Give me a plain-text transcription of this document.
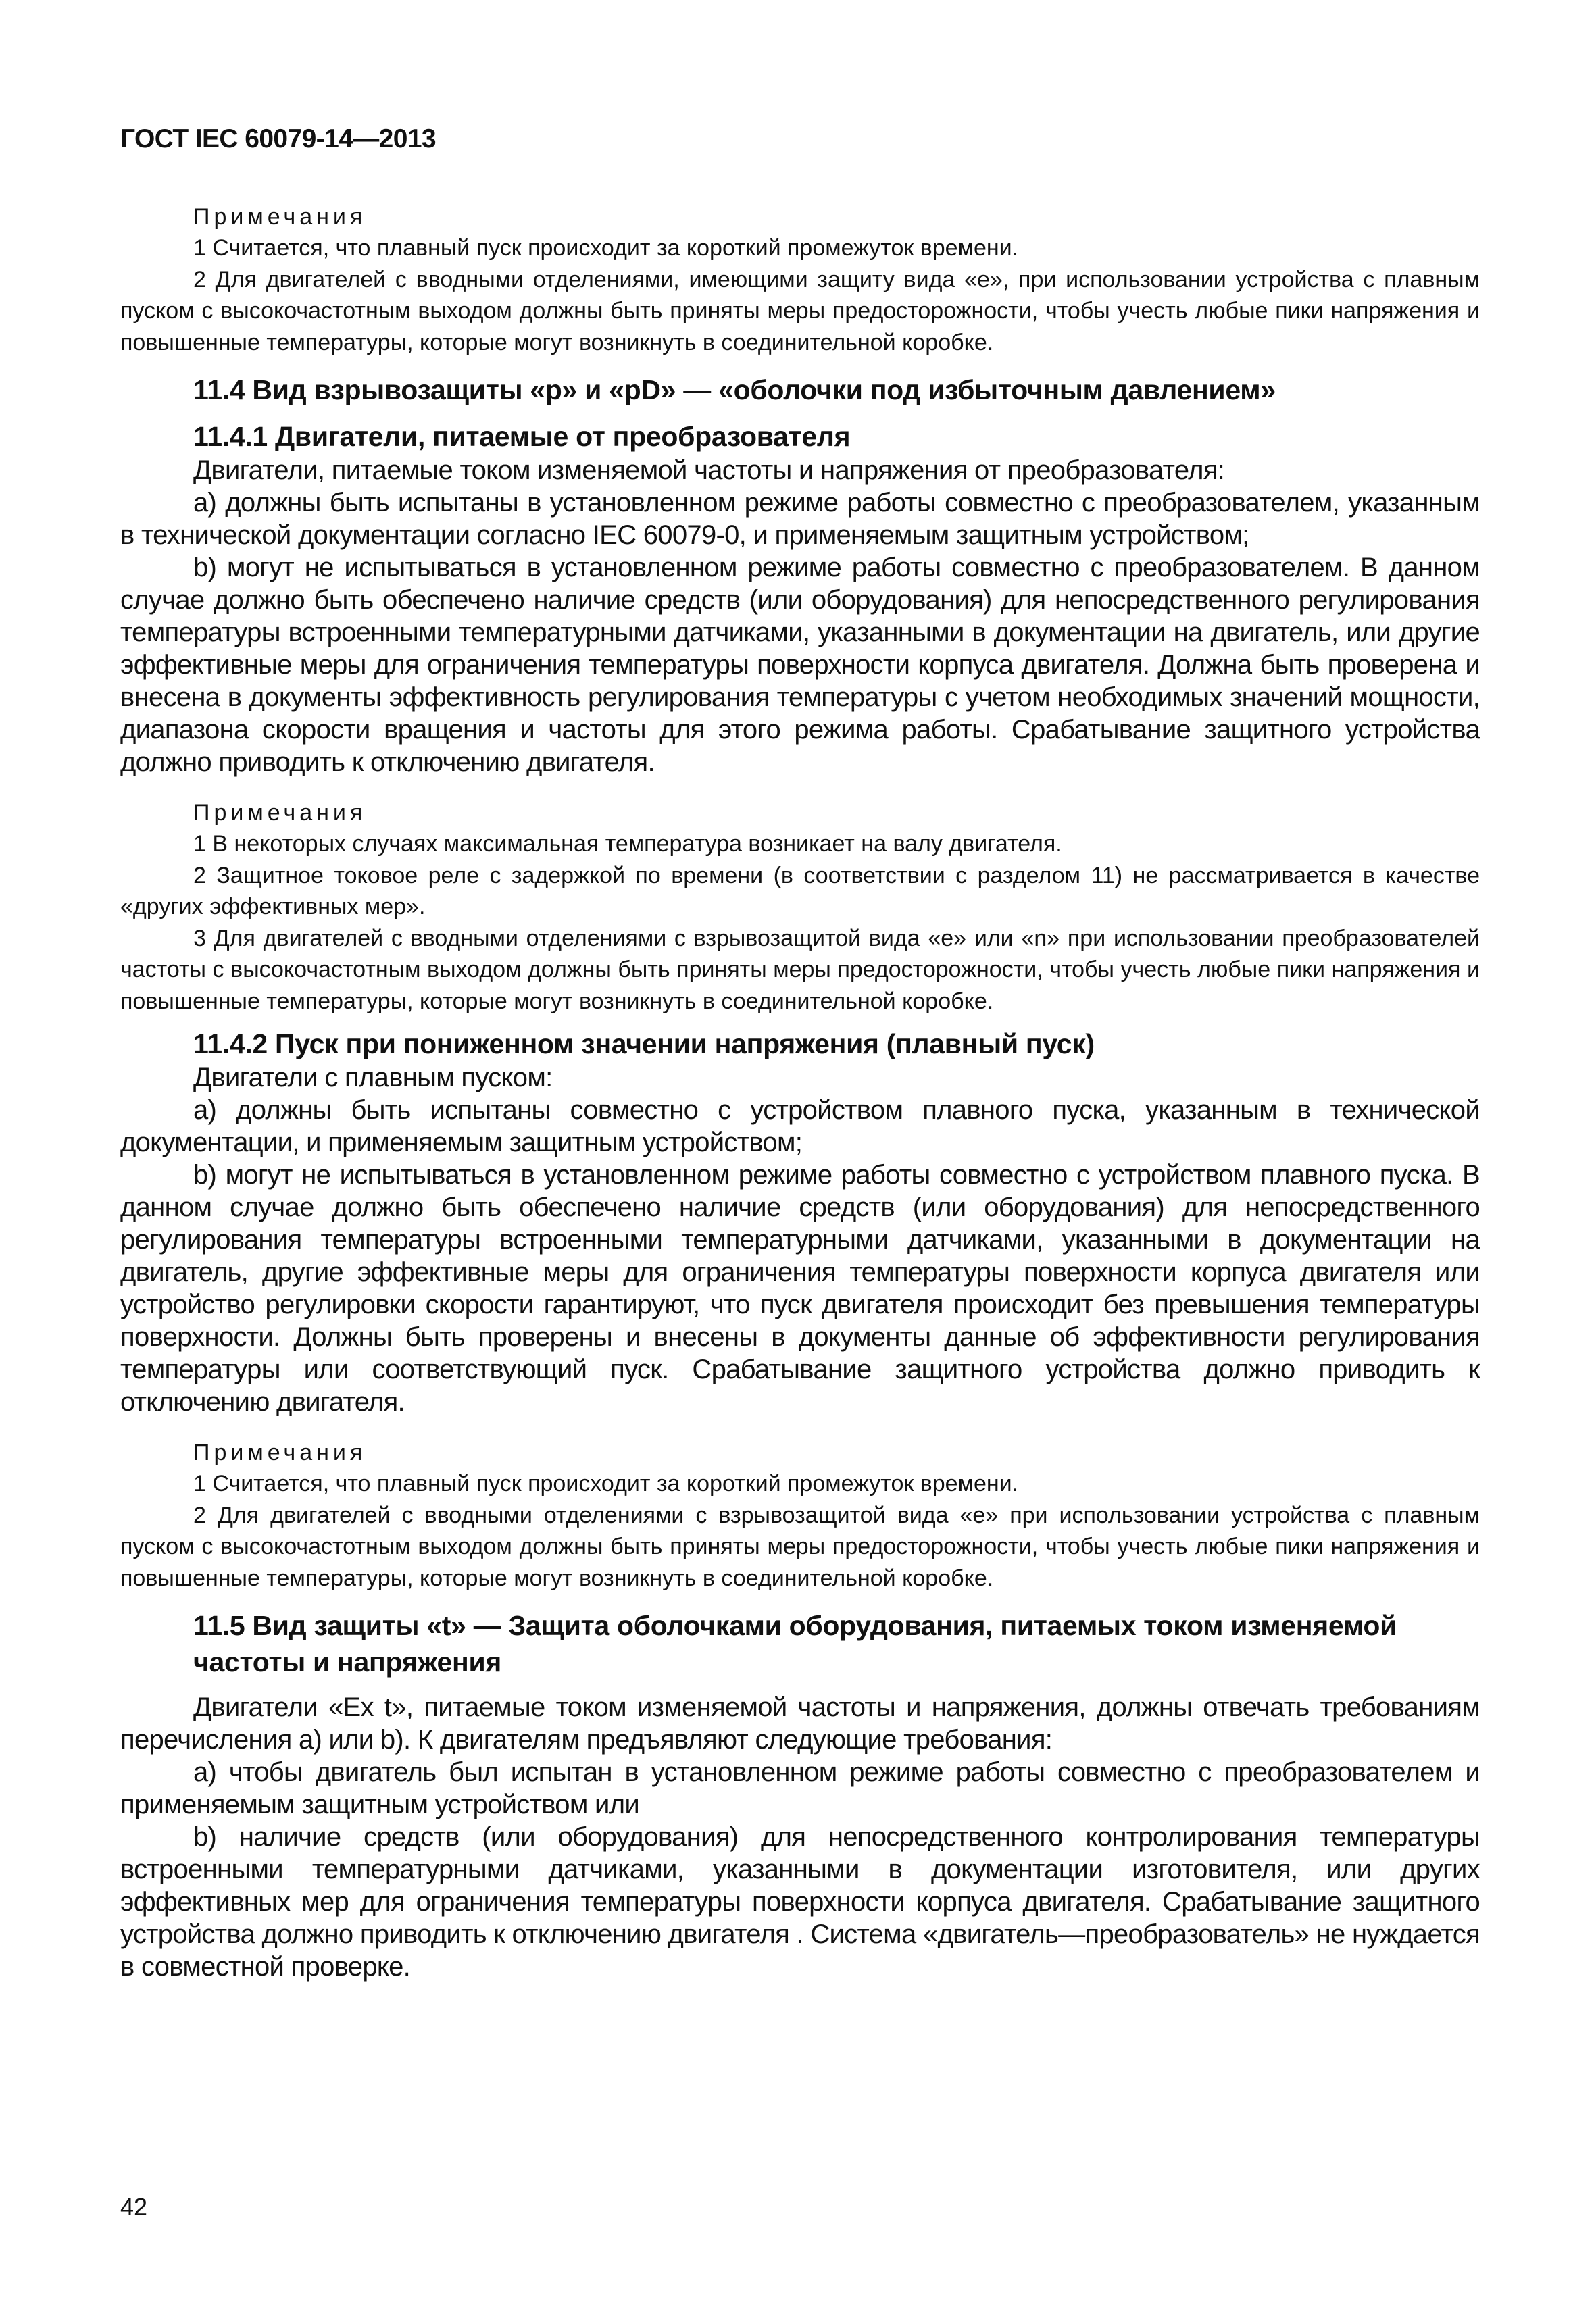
ГОСТ IEC 60079-14—2013
Примечания

1 Считается, что плавный пуск происходит за короткий промежуток времени.

2 Для двигателей с вводными отделениями, имеющими защиту вида «е», при использовании устройства с плавным пуском с высокочастотным выходом должны быть приняты меры предосторожности, чтобы учесть любые пики напряжения и повышенные температуры, которые могут возникнуть в соединительной коробке.

11.4 Вид взрывозащиты «р» и «pD» — «оболочки под избыточным давлением»
11.4.1 Двигатели, питаемые от преобразователя

Двигатели, питаемые током изменяемой частоты и напряжения от преобразователя:

а) должны быть испытаны в установленном режиме работы совместно с преобразователем, указанным в технической документации согласно IEC 60079-0, и применяемым защитным устройством;

b) могут не испытываться в установленном режиме работы совместно с преобразователем. В данном случае должно быть обеспечено наличие средств (или оборудования) для непосредственного регулирования температуры встроенными температурными датчиками, указанными в документации на двигатель, или другие эффективные меры для ограничения температуры поверхности корпуса двигателя. Должна быть проверена и внесена в документы эффективность регулирования температуры с учетом необходимых значений мощности, диапазона скорости вращения и частоты для этого режима работы. Срабатывание защитного устройства должно приводить к отключению двигателя.

Примечания

1 В некоторых случаях максимальная температура возникает на валу двигателя.

2 Защитное токовое реле с задержкой по времени (в соответствии с разделом 11) не рассматривается в качестве «других эффективных мер».

3 Для двигателей с вводными отделениями с взрывозащитой вида «е» или «n» при использовании преобразователей частоты с высокочастотным выходом должны быть приняты меры предосторожности, чтобы учесть любые пики напряжения и повышенные температуры, которые могут возникнуть в соединительной коробке.

11.4.2 Пуск при пониженном значении напряжения (плавный пуск)

Двигатели с плавным пуском:

а) должны быть испытаны совместно с устройством плавного пуска, указанным в технической документации, и применяемым защитным устройством;

b) могут не испытываться в установленном режиме работы совместно с устройством плавного пуска. В данном случае должно быть обеспечено наличие средств (или оборудования) для непосредственного регулирования температуры встроенными температурными датчиками, указанными в документации на двигатель, другие эффективные меры для ограничения температуры поверхности корпуса двигателя или устройство регулировки скорости гарантируют, что пуск двигателя происходит без превышения температуры поверхности. Должны быть проверены и внесены в документы данные об эффективности регулирования температуры или соответствующий пуск. Срабатывание защитного устройства должно приводить к отключению двигателя.

Примечания

1 Считается, что плавный пуск происходит за короткий промежуток времени.

2 Для двигателей с вводными отделениями с взрывозащитой вида «е» при использовании устройства с плавным пуском с высокочастотным выходом должны быть приняты меры предосторожности, чтобы учесть любые пики напряжения и повышенные температуры, которые могут возникнуть в соединительной коробке.

11.5 Вид защиты «t» — Защита оболочками оборудования, питаемых током изменяемой частоты и напряжения

Двигатели «Ex t», питаемые током изменяемой частоты и напряжения, должны отвечать требованиям перечисления а) или b). К двигателям предъявляют следующие требования:

а) чтобы двигатель был испытан в установленном режиме работы совместно с преобразователем и применяемым защитным устройством или

b) наличие средств (или оборудования) для непосредственного контролирования температуры встроенными температурными датчиками, указанными в документации изготовителя, или других эффективных мер для ограничения температуры поверхности корпуса двигателя. Срабатывание защитного устройства должно приводить к отключению двигателя . Система «двигатель—преобразователь» не нуждается в совместной проверке.

42
